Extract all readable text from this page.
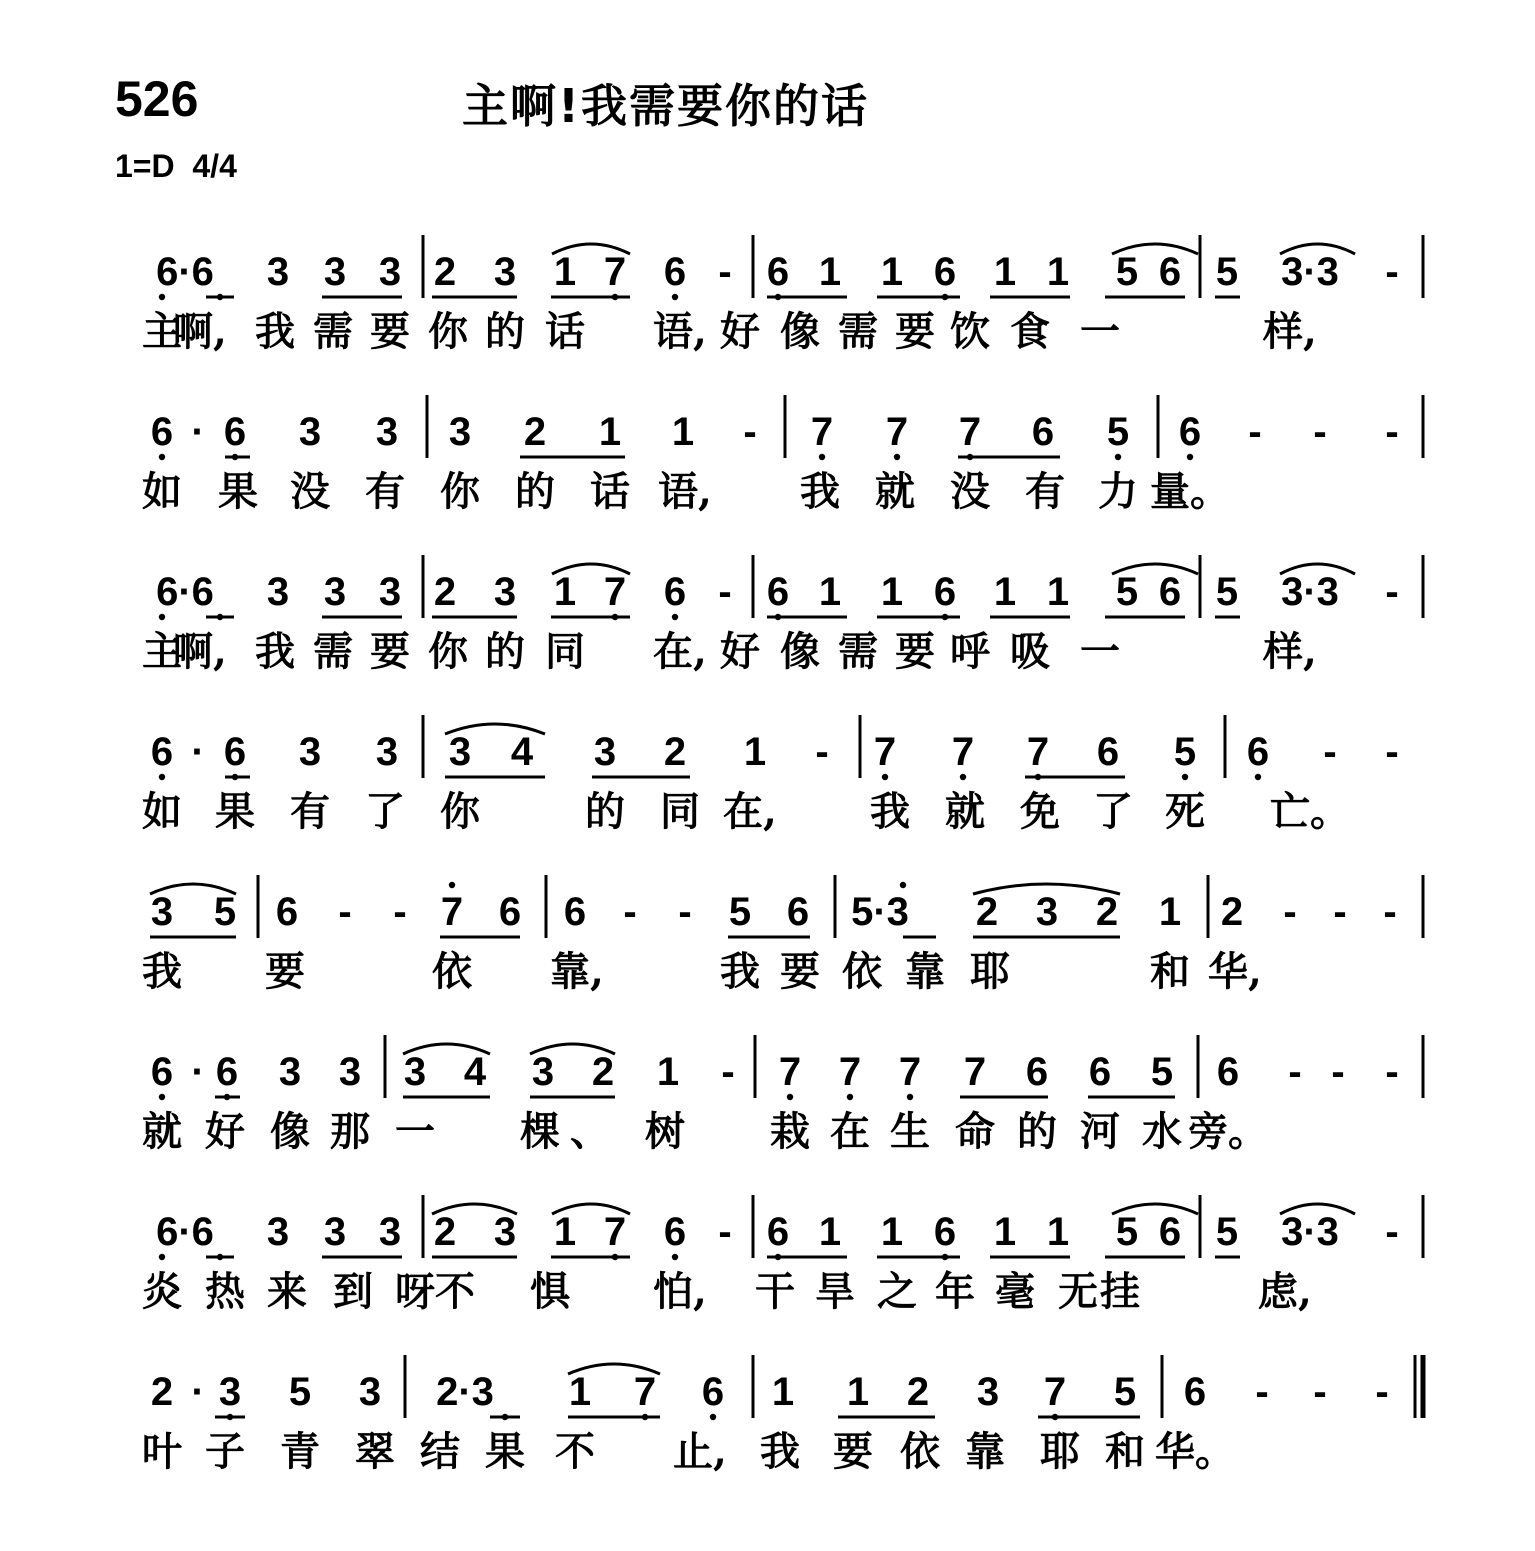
526	主啊!我需要你的话
1=D 4/4
6·6 3 3 3 2 3 1 7 6 - 6 1 1 6 1 1 5 6 5 3·3 -
主
啊, 我 需 要 你 的 话 语, 好 像 需 要 饮 食 一	样,
6 · 6 3 3 3 2 1 1 - 7 7 7 6 5 6 - - -
如 果 没 有 你 的 话 语, 我 就 没 有 力 量。
6·6 3 3 3 2 3 1 7 6 - 6 1 1 6 1 1 5 6 5 3·3 -
主
啊, 我 需 要 你 的 同 在, 好 像 需 要 呼 吸 一	样,
6 · 6 3 3 3 4 3 2 1 - 7 7 7 6 5 6 - -
如 果 有 了 你	的 同 在, 我 就 免 了 死 亡。
3 5 6 - - 7 6 6 - - 5 6 5·3 2 3 2 1 2 - - -
我 要	依 靠,	我 要 依 靠 耶	和 华,
6 · 6 3 3 3 4 3 2 1 - 7 7 7 7 6 6 5 6 - - -
就 好 像 那 一 棵 、 树 栽 在 生 命 的 河 水 旁。
6·6 3 3 3 2 3 1 7 6 - 6 1 1 6 1 1 5 6 5 3·3 -
炎 热 来 到 呀 不 惧 怕, 干 旱 之 年 毫 无 挂	虑,
2 · 3 5 3 2·3 1 7 6 1 1 2 3 7 5 6 - - -
叶 子 青 翠 结 果 不 止, 我 要 依 靠 耶 和 华。
